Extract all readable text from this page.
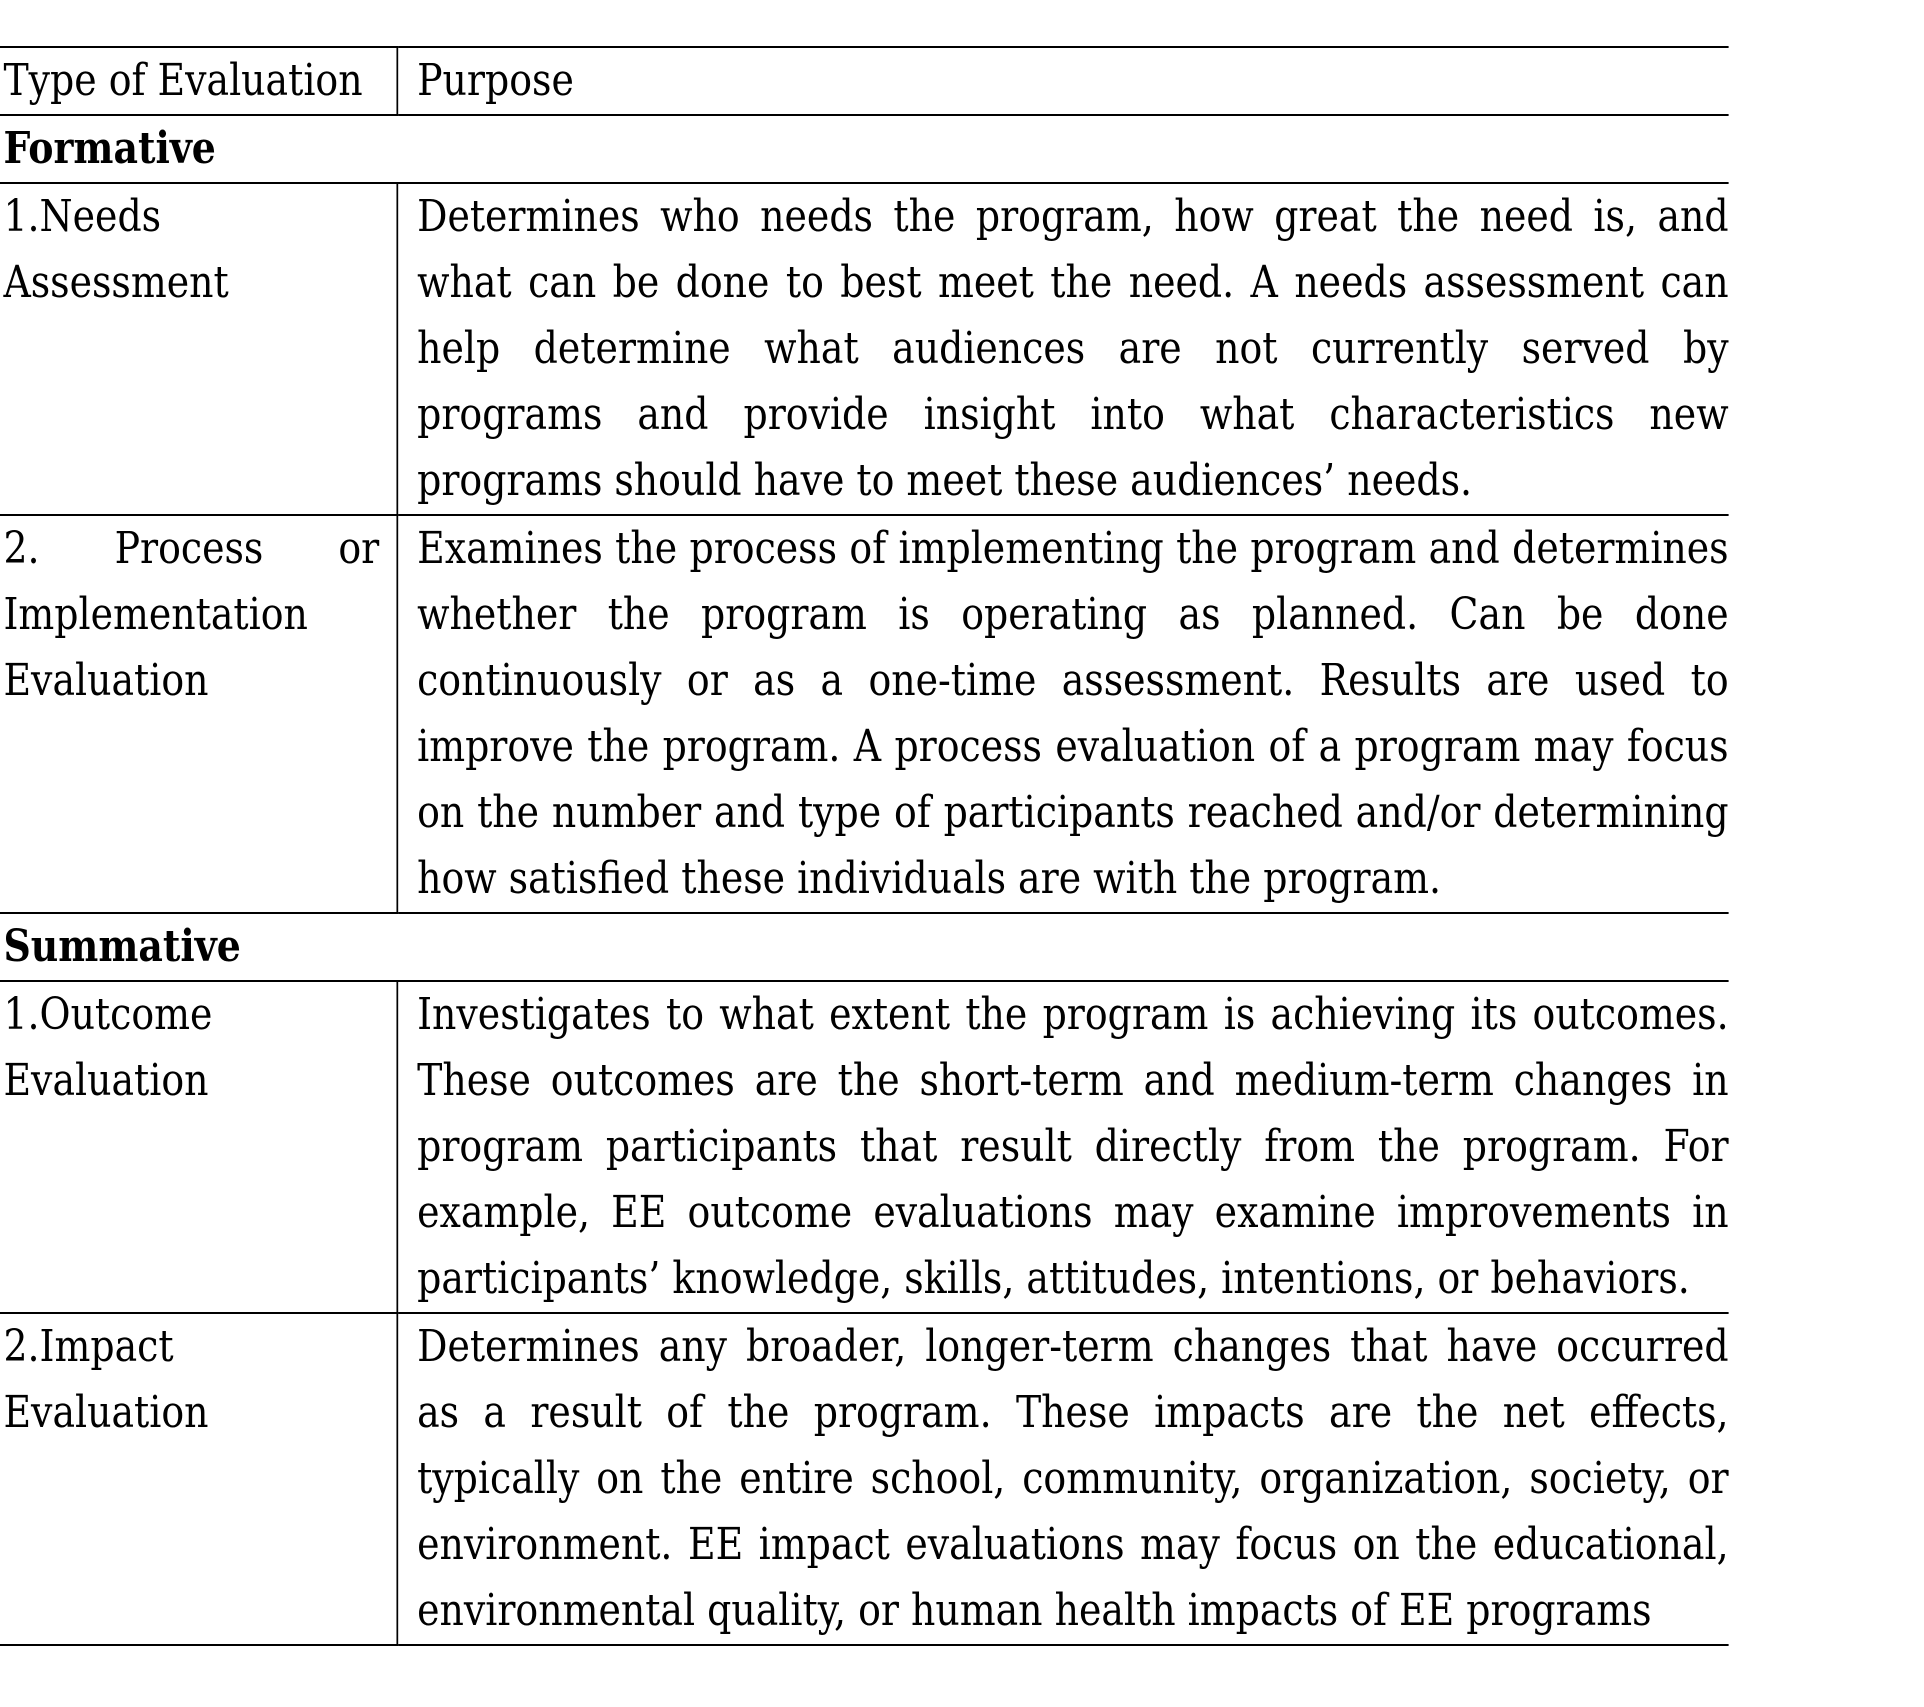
Type of Evaluation	Purpose
Formative	
1.Needs Assessment	Determines who needs the program, how great the need is, and what can be done to best meet the need. A needs assessment can help determine what audiences are not currently served by programs and provide insight into what characteristics new programs should have to meet these audiences’ needs.

2. Process or
Implementation Evaluation	Examines the process of implementing the program and determines whether the program is operating as planned. Can be done continuously or as a one-time assessment. Results are used to improve the program. A process evaluation of a program may focus on the number and type of participants reached and/or determining how satisfied these individuals are with the program.
Summative	
1.Outcome Evaluation	Investigates to what extent the program is achieving its outcomes. These outcomes are the short-term and medium-term changes in program participants that result directly from the program. For example, EE outcome evaluations may examine improvements in participants’ knowledge, skills, attitudes, intentions, or behaviors.
2.Impact Evaluation	Determines any broader, longer-term changes that have occurred as a result of the program. These impacts are the net effects, typically on the entire school, community, organization, society, or environment. EE impact evaluations may focus on the educational, environmental quality, or human health impacts of EE programs
